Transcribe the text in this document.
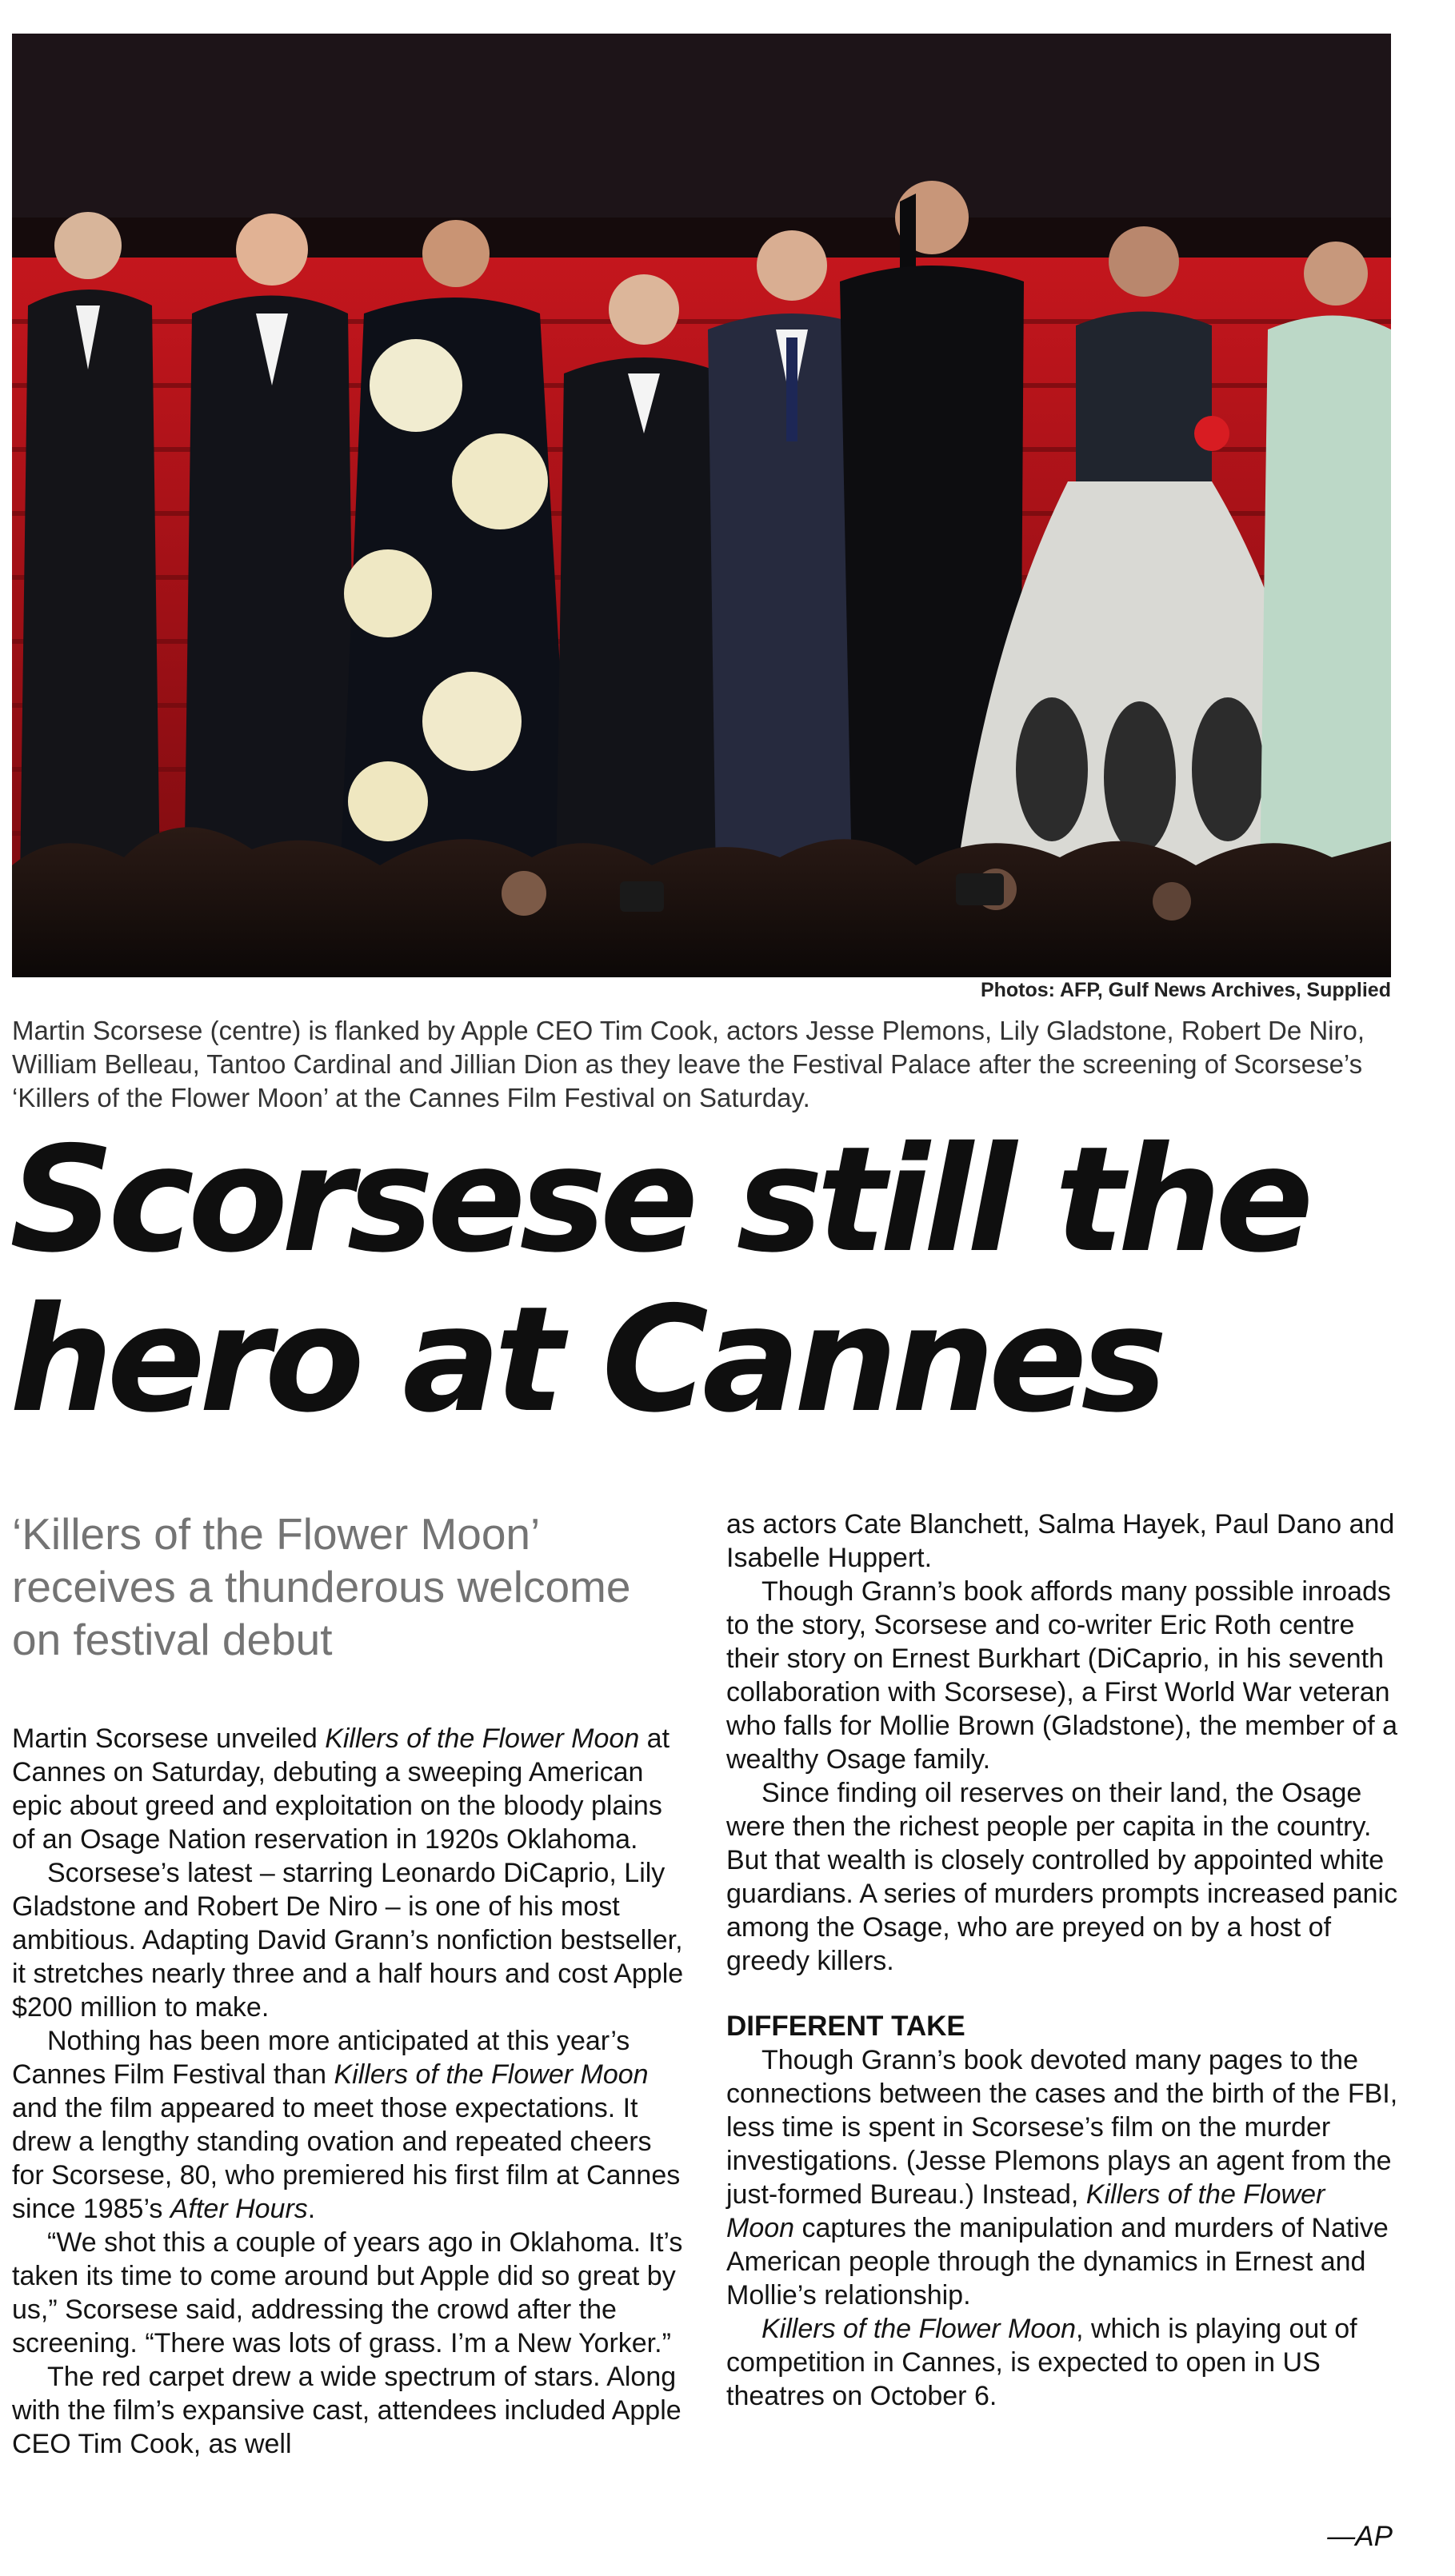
Photos: AFP, Gulf News Archives, Supplied
Martin Scorsese (centre) is flanked by Apple CEO Tim Cook, actors Jesse Plemons, Lily Gladstone, Robert De Niro, William Belleau, Tantoo Cardinal and Jillian Dion as they leave the Festival Palace after the screening of Scorsese’s ‘Killers of the Flower Moon’ at the Cannes Film Festival on Saturday.
Scorsese still the
hero at Cannes
‘Killers of the Flower Moon’ receives a thunderous welcome on festival debut

Martin Scorsese unveiled Killers of the Flower Moon at Cannes on Saturday, debuting a sweeping American epic about greed and exploitation on the bloody plains of an Osage Nation reservation in 1920s Oklahoma.

Scorsese’s latest – starring Leonardo DiCaprio, Lily Gladstone and Robert De Niro – is one of his most ambitious. Adapting David Grann’s nonfiction bestseller, it stretches nearly three and a half hours and cost Apple $200 million to make.

Nothing has been more anticipated at this year’s Cannes Film Festival than Killers of the Flower Moon and the film appeared to meet those expectations. It drew a lengthy standing ovation and repeated cheers for Scorsese, 80, who premiered his first film at Cannes since 1985’s After Hours.

“We shot this a couple of years ago in Oklahoma. It’s taken its time to come around but Apple did so great by us,” Scorsese said, addressing the crowd after the screening. “There was lots of grass. I’m a New Yorker.”

The red carpet drew a wide spectrum of stars. Along with the film’s expansive cast, attendees included Apple CEO Tim Cook, as well

as actors Cate Blanchett, Salma Hayek, Paul Dano and Isabelle Huppert.

Though Grann’s book affords many possible inroads to the story, Scorsese and co-writer Eric Roth centre their story on Ernest Burkhart (DiCaprio, in his seventh collaboration with Scorsese), a First World War veteran who falls for Mollie Brown (Gladstone), the member of a wealthy Osage family.

Since finding oil reserves on their land, the Osage were then the richest people per capita in the country. But that wealth is closely controlled by appointed white guardians. A series of murders prompts increased panic among the Osage, who are preyed on by a host of greedy killers.

DIFFERENT TAKE

Though Grann’s book devoted many pages to the connections between the cases and the birth of the FBI, less time is spent in Scorsese’s film on the murder investigations. (Jesse Plemons plays an agent from the just-formed Bureau.) Instead, Killers of the Flower Moon captures the manipulation and murders of Native American people through the dynamics in Ernest and Mollie’s relationship.

Killers of the Flower Moon, which is playing out of competition in Cannes, is expected to open in US theatres on October 6.

—AP
